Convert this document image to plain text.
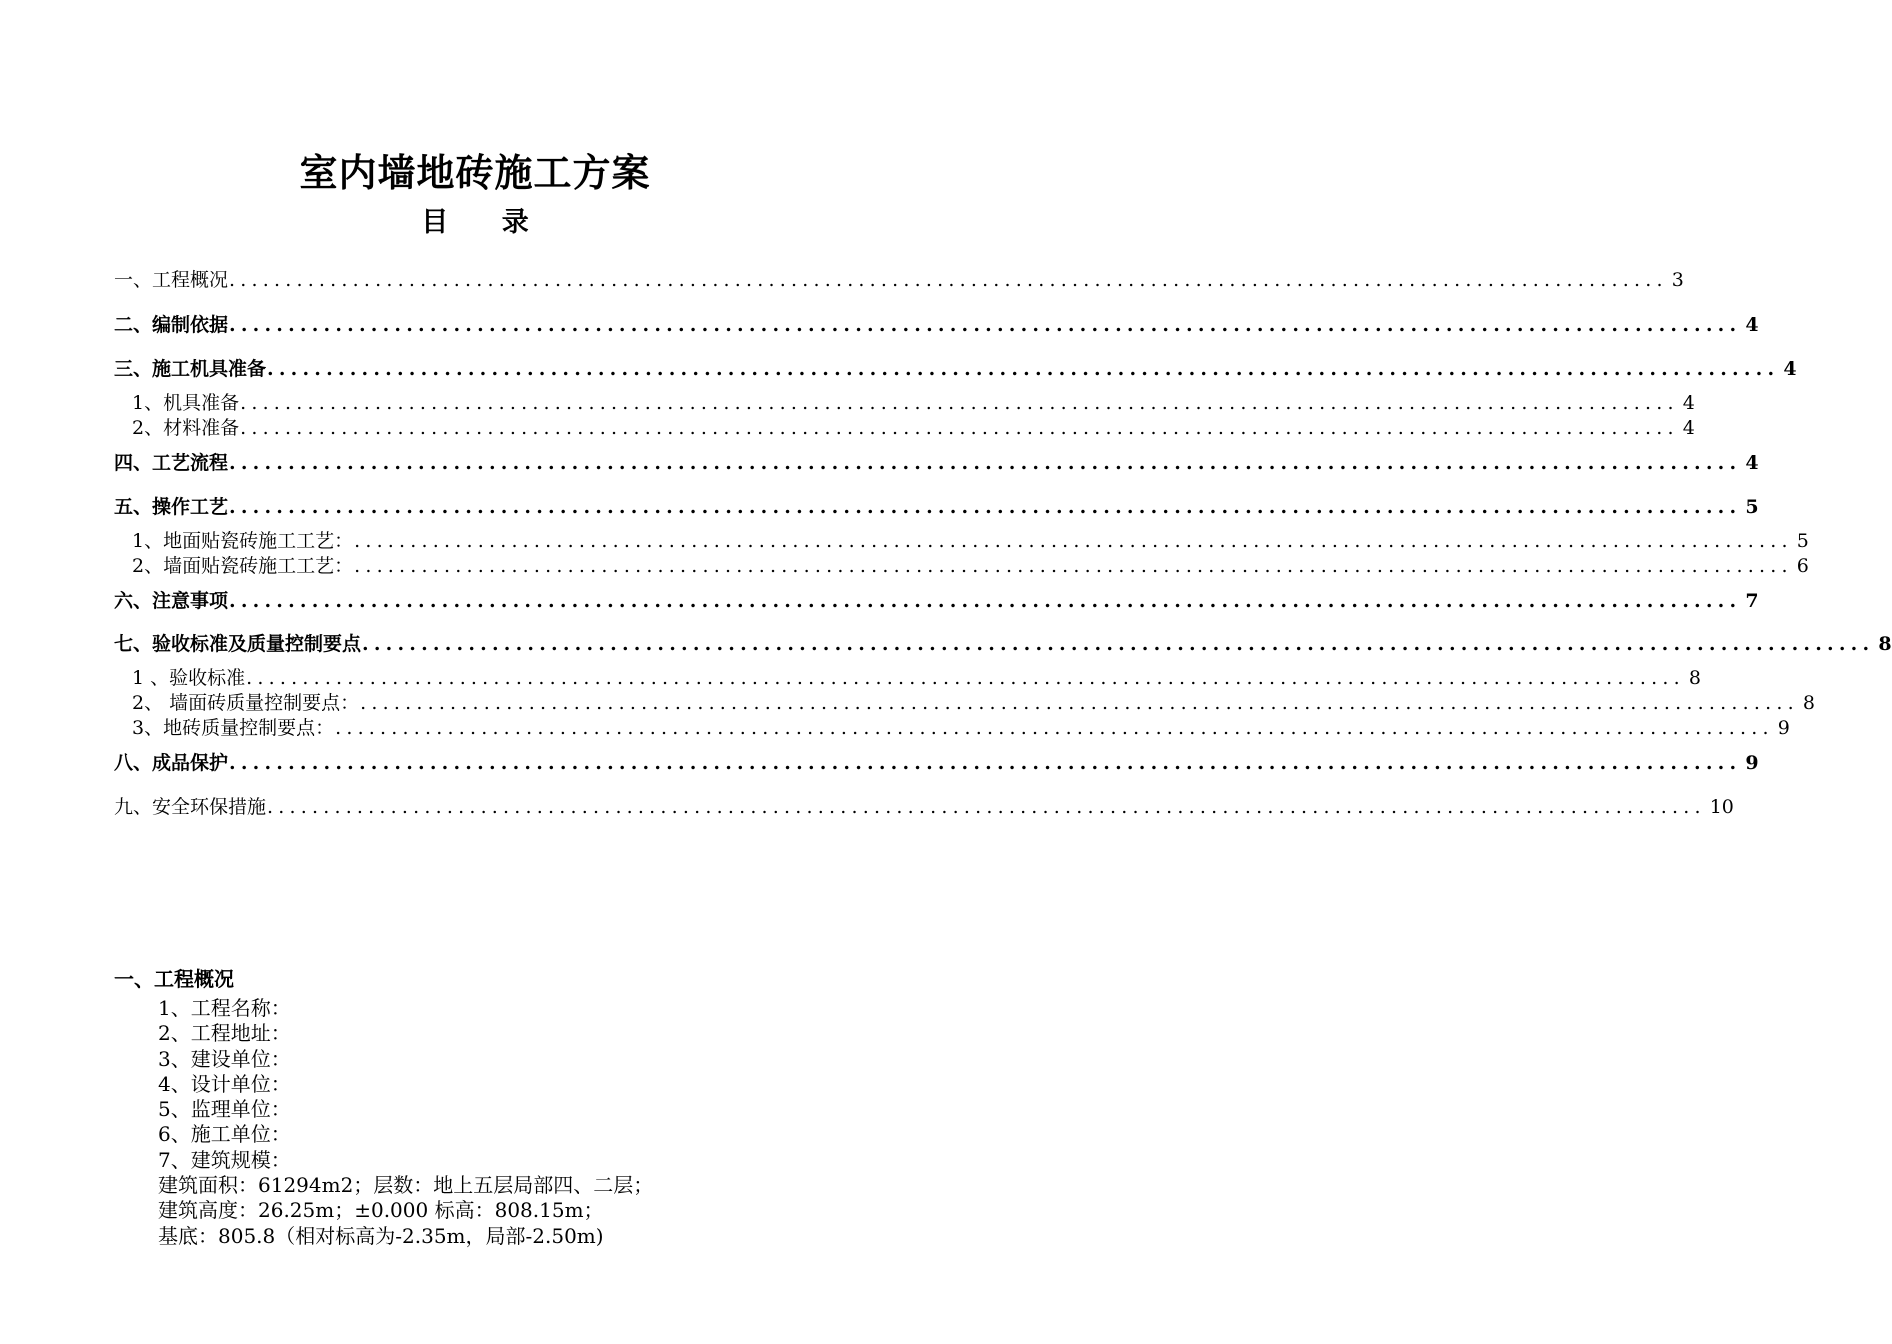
室内墙地砖施工方案
目 录
一、工程概况 ................................................................................................................................ 3
二、编制依据 ................................................................................................................................ 4
三、施工机具准备 ................................................................................................................................ 4
1、机具准备 ................................................................................................................................ 4
2、材料准备 ................................................................................................................................ 4
四、工艺流程 ................................................................................................................................ 4
五、操作工艺 ................................................................................................................................ 5
1、地面贴瓷砖施工工艺： ................................................................................................................................ 5
2、墙面贴瓷砖施工工艺： ................................................................................................................................ 6
六、注意事项 ................................................................................................................................ 7
七、验收标准及质量控制要点 ................................................................................................................................ 8
1 、验收标准 ................................................................................................................................ 8
2、 墙面砖质量控制要点： ................................................................................................................................ 8
3、地砖质量控制要点： ................................................................................................................................ 9
八、成品保护 ................................................................................................................................ 9
九、安全环保措施 ................................................................................................................................ 10
一、工程概况
1、工程名称：
2、工程地址：
3、建设单位：
4、设计单位：
5、监理单位：
6、施工单位：
7、建筑规模：
建筑面积：61294m2；层数：地上五层局部四、二层；
建筑高度：26.25m；±0.000 标高：808.15m；
基底：805.8（相对标高为-2.35m，局部-2.50m)
